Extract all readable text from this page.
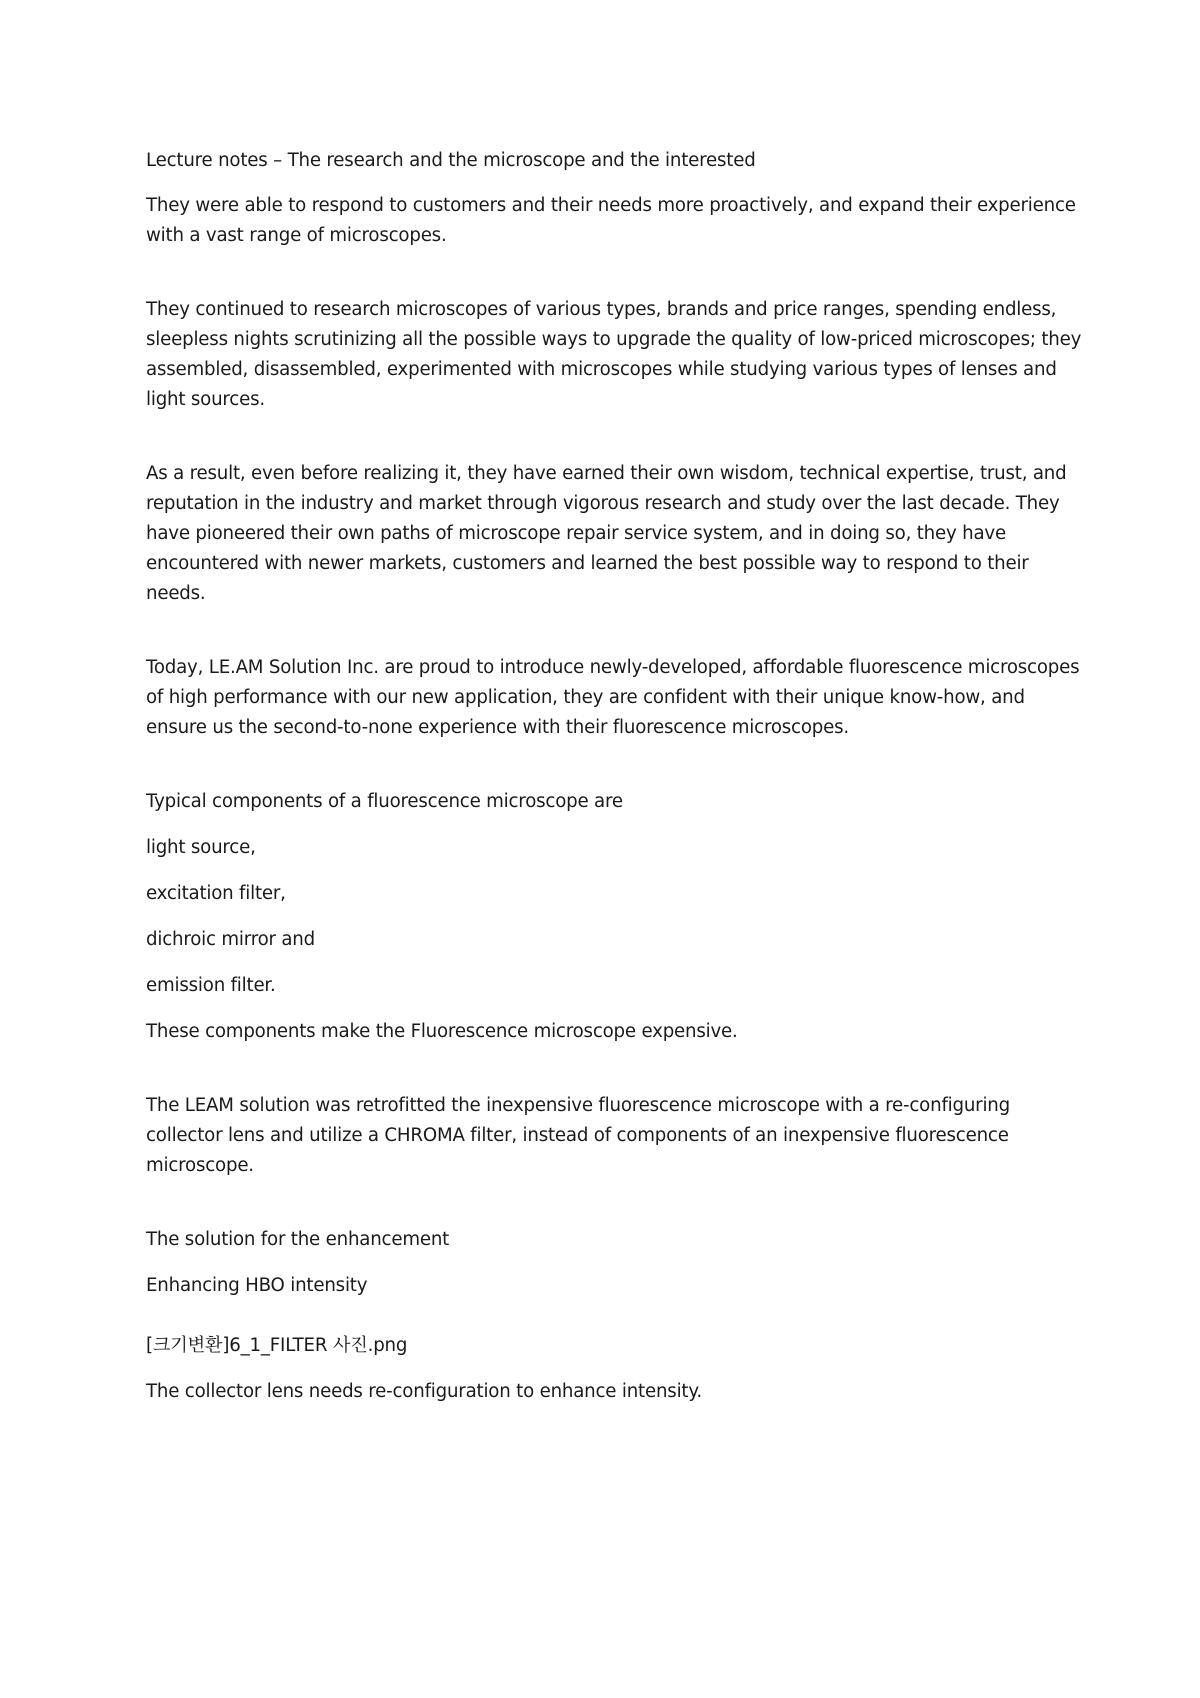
Lecture notes – The research and the microscope and the interested

They were able to respond to customers and their needs more proactively, and expand their experience with a vast range of microscopes.

They continued to research microscopes of various types, brands and price ranges, spending endless, sleepless nights scrutinizing all the possible ways to upgrade the quality of low-priced microscopes; they assembled, disassembled, experimented with microscopes while studying various types of lenses and light sources.

As a result, even before realizing it, they have earned their own wisdom, technical expertise, trust, and reputation in the industry and market through vigorous research and study over the last decade. They have pioneered their own paths of microscope repair service system, and in doing so, they have encountered with newer markets, customers and learned the best possible way to respond to their needs.

Today, LE.AM Solution Inc. are proud to introduce newly-developed, affordable fluorescence microscopes of high performance with our new application, they are confident with their unique know-how, and ensure us the second-to-none experience with their fluorescence microscopes.

Typical components of a fluorescence microscope are

light source,

excitation filter,

dichroic mirror and

emission filter.

These components make the Fluorescence microscope expensive.

The LEAM solution was retrofitted the inexpensive fluorescence microscope with a re-configuring collector lens and utilize a CHROMA filter, instead of components of an inexpensive fluorescence microscope.

The solution for the enhancement

Enhancing HBO intensity

[크기변환]6_1_FILTER 사진.png

The collector lens needs re-configuration to enhance intensity.
